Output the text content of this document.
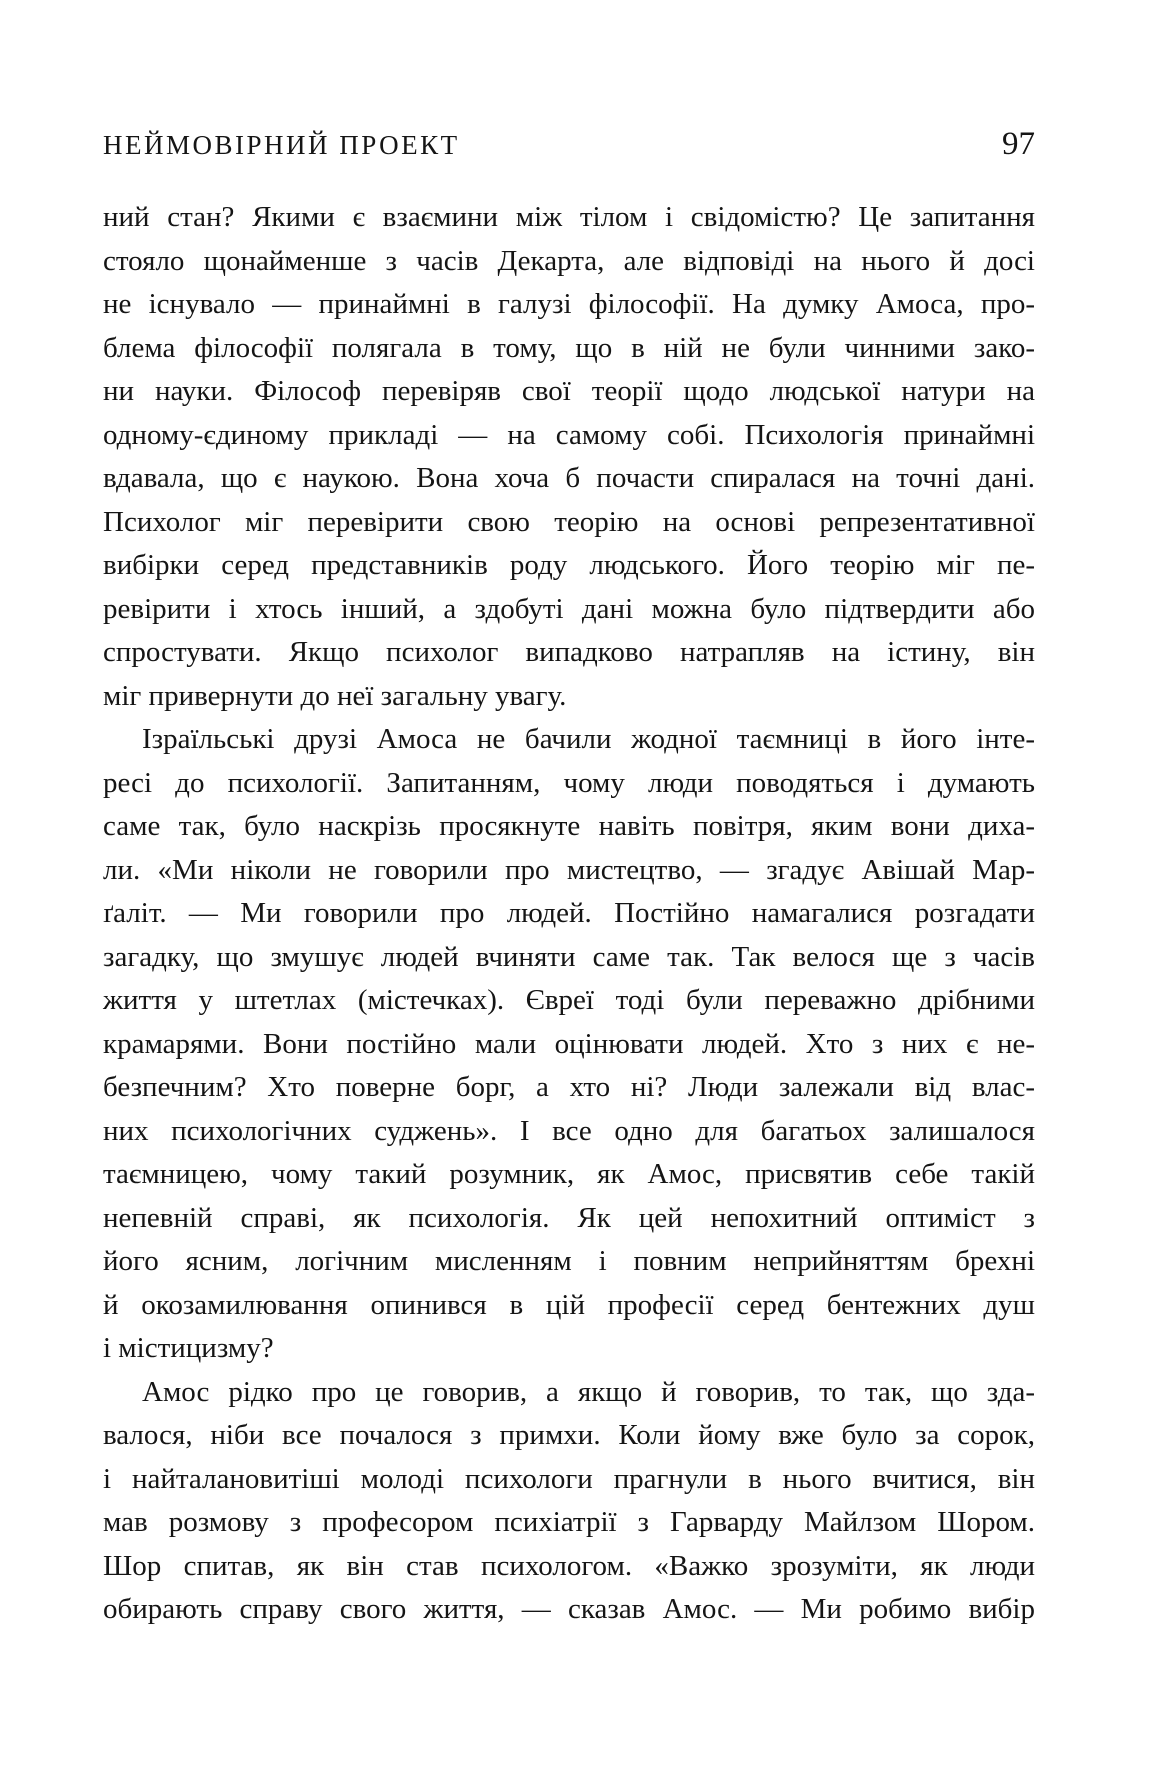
НЕЙМОВІРНИЙ ПРОЕКТ	97
ний стан? Якими є взаємини між тілом і свідомістю? Це запитання
стояло щонайменше з часів Декарта, але відповіді на нього й досі
не існувало — принаймні в галузі філософії. На думку Амоса, про-
блема філософії полягала в тому, що в ній не були чинними зако-
ни науки. Філософ перевіряв свої теорії щодо людської натури на
одному-єдиному прикладі — на самому собі. Психологія принаймні
вдавала, що є наукою. Вона хоча б почасти спиралася на точні дані.
Психолог міг перевірити свою теорію на основі репрезентативної
вибірки серед представників роду людського. Його теорію міг пе-
ревірити і хтось інший, а здобуті дані можна було підтвердити або
спростувати. Якщо психолог випадково натрапляв на істину, він
міг привернути до неї загальну увагу.
Ізраїльські друзі Амоса не бачили жодної таємниці в його інте-
ресі до психології. Запитанням, чому люди поводяться і думають
саме так, було наскрізь просякнуте навіть повітря, яким вони диха-
ли. «Ми ніколи не говорили про мистецтво, — згадує Авішай Мар-
ґаліт. — Ми говорили про людей. Постійно намагалися розгадати
загадку, що змушує людей вчиняти саме так. Так велося ще з часів
життя у штетлах (містечках). Євреї тоді були переважно дрібними
крамарями. Вони постійно мали оцінювати людей. Хто з них є не-
безпечним? Хто поверне борг, а хто ні? Люди залежали від влас-
них психологічних суджень». І все одно для багатьох залишалося
таємницею, чому такий розумник, як Амос, присвятив себе такій
непевній справі, як психологія. Як цей непохитний оптиміст з
його ясним, логічним мисленням і повним неприйняттям брехні
й окозамилювання опинився в цій професії серед бентежних душ
і містицизму?
Амос рідко про це говорив, а якщо й говорив, то так, що зда-
валося, ніби все почалося з примхи. Коли йому вже було за сорок,
і найталановитіші молоді психологи прагнули в нього вчитися, він
мав розмову з професором психіатрії з Гарварду Майлзом Шором.
Шор спитав, як він став психологом. «Важко зрозуміти, як люди
обирають справу свого життя, — сказав Амос. — Ми робимо вибір
